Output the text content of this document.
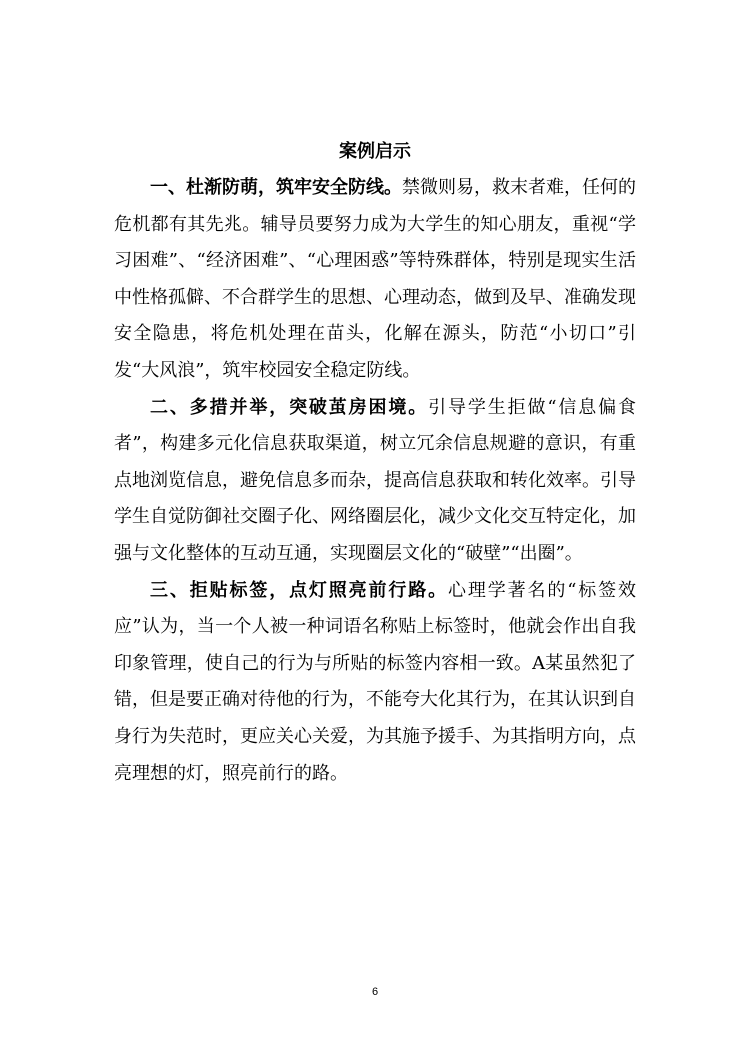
案例启示

一、杜渐防萌，筑牢安全防线。禁微则易，救末者难，任何的危机都有其先兆。辅导员要努力成为大学生的知心朋友，重视“学习困难”、“经济困难”、“心理困惑”等特殊群体，特别是现实生活中性格孤僻、不合群学生的思想、心理动态，做到及早、准确发现安全隐患，将危机处理在苗头，化解在源头，防范“小切口”引发“大风浪”，筑牢校园安全稳定防线。

二、多措并举，突破茧房困境。引导学生拒做“信息偏食者”，构建多元化信息获取渠道，树立冗余信息规避的意识，有重点地浏览信息，避免信息多而杂，提高信息获取和转化效率。引导学生自觉防御社交圈子化、网络圈层化，减少文化交互特定化，加强与文化整体的互动互通，实现圈层文化的“破壁”“出圈”。

三、拒贴标签，点灯照亮前行路。心理学著名的“标签效应”认为，当一个人被一种词语名称贴上标签时，他就会作出自我印象管理，使自己的行为与所贴的标签内容相一致。A某虽然犯了错，但是要正确对待他的行为，不能夸大化其行为，在其认识到自身行为失范时，更应关心关爱，为其施予援手、为其指明方向，点亮理想的灯，照亮前行的路。

6
